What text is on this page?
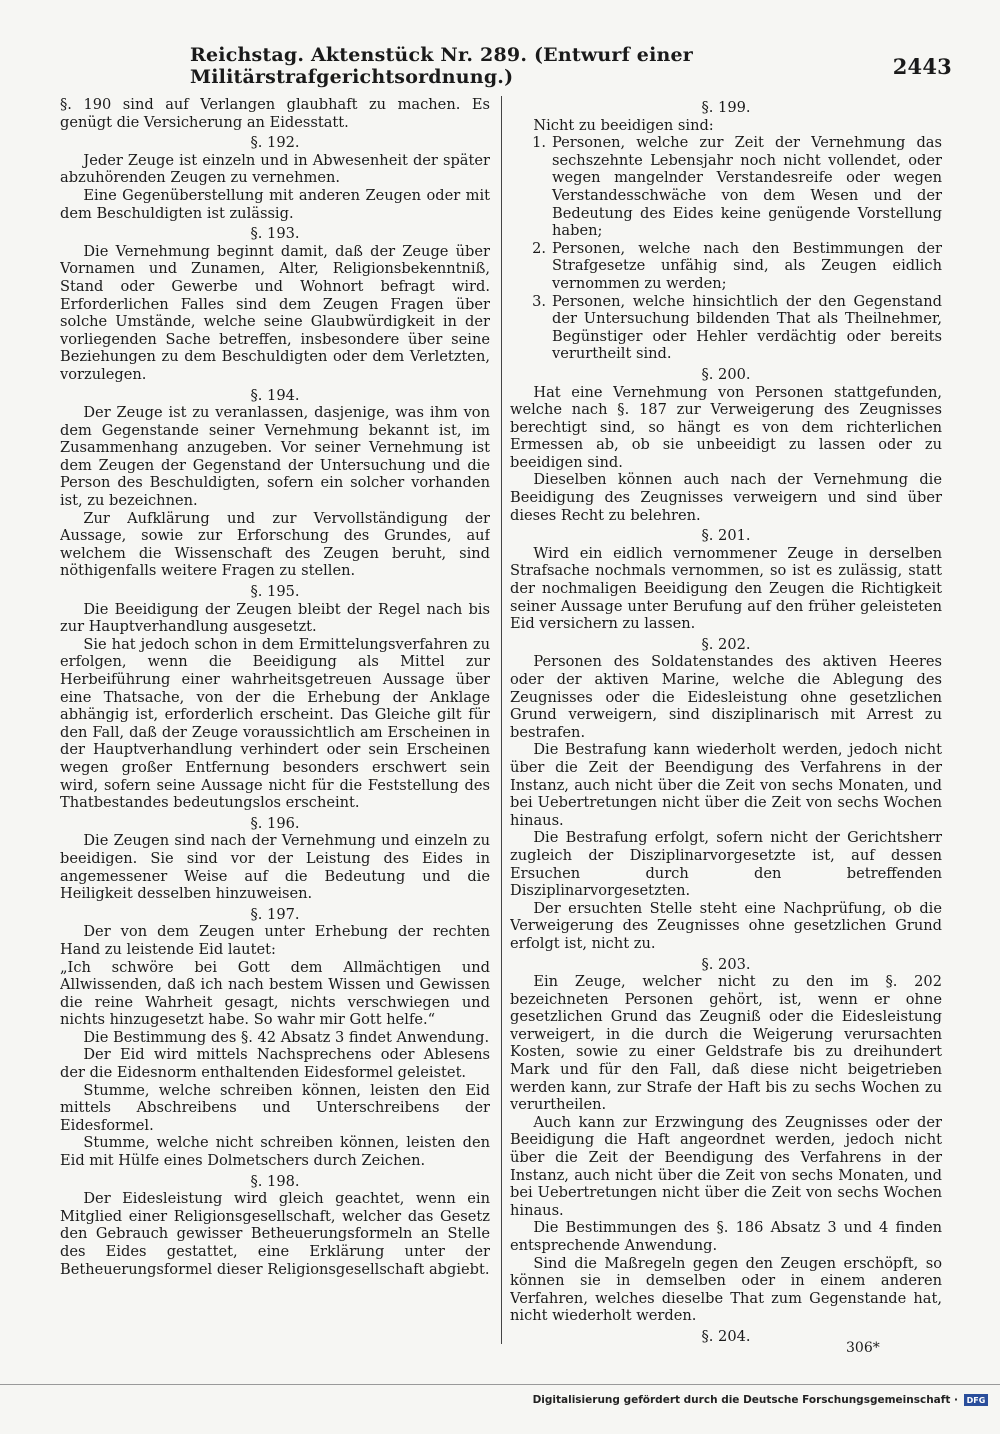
Reichstag. Aktenstück Nr. 289. (Entwurf einer Militärstrafgerichtsordnung.)	2443

§. 190 sind auf Verlangen glaubhaft zu machen. Es genügt die Versicherung an Eidesstatt.

§. 192.

Jeder Zeuge ist einzeln und in Abwesenheit der später abzuhörenden Zeugen zu vernehmen.

Eine Gegenüberstellung mit anderen Zeugen oder mit dem Beschuldigten ist zulässig.

§. 193.

Die Vernehmung beginnt damit, daß der Zeuge über Vornamen und Zunamen, Alter, Religionsbekenntniß, Stand oder Gewerbe und Wohnort befragt wird. Erforderlichen Falles sind dem Zeugen Fragen über solche Umstände, welche seine Glaubwürdigkeit in der vorliegenden Sache betreffen, insbesondere über seine Beziehungen zu dem Beschuldigten oder dem Verletzten, vorzulegen.

§. 194.

Der Zeuge ist zu veranlassen, dasjenige, was ihm von dem Gegenstande seiner Vernehmung bekannt ist, im Zusammenhang anzugeben. Vor seiner Vernehmung ist dem Zeugen der Gegenstand der Untersuchung und die Person des Beschuldigten, sofern ein solcher vorhanden ist, zu bezeichnen.

Zur Aufklärung und zur Vervollständigung der Aussage, sowie zur Erforschung des Grundes, auf welchem die Wissenschaft des Zeugen beruht, sind nöthigenfalls weitere Fragen zu stellen.

§. 195.

Die Beeidigung der Zeugen bleibt der Regel nach bis zur Hauptverhandlung ausgesetzt.

Sie hat jedoch schon in dem Ermittelungsverfahren zu erfolgen, wenn die Beeidigung als Mittel zur Herbeiführung einer wahrheitsgetreuen Aussage über eine Thatsache, von der die Erhebung der Anklage abhängig ist, erforderlich erscheint. Das Gleiche gilt für den Fall, daß der Zeuge voraussichtlich am Erscheinen in der Hauptverhandlung verhindert oder sein Erscheinen wegen großer Entfernung besonders erschwert sein wird, sofern seine Aussage nicht für die Feststellung des Thatbestandes bedeutungslos erscheint.

§. 196.

Die Zeugen sind nach der Vernehmung und einzeln zu beeidigen. Sie sind vor der Leistung des Eides in angemessener Weise auf die Bedeutung und die Heiligkeit desselben hinzuweisen.

§. 197.

Der von dem Zeugen unter Erhebung der rechten Hand zu leistende Eid lautet:

„Ich schwöre bei Gott dem Allmächtigen und Allwissenden, daß ich nach bestem Wissen und Gewissen die reine Wahrheit gesagt, nichts verschwiegen und nichts hinzugesetzt habe. So wahr mir Gott helfe.“

Die Bestimmung des §. 42 Absatz 3 findet Anwendung.

Der Eid wird mittels Nachsprechens oder Ablesens der die Eidesnorm enthaltenden Eidesformel geleistet.

Stumme, welche schreiben können, leisten den Eid mittels Abschreibens und Unterschreibens der Eidesformel.

Stumme, welche nicht schreiben können, leisten den Eid mit Hülfe eines Dolmetschers durch Zeichen.

§. 198.

Der Eidesleistung wird gleich geachtet, wenn ein Mitglied einer Religionsgesellschaft, welcher das Gesetz den Gebrauch gewisser Betheuerungsformeln an Stelle des Eides gestattet, eine Erklärung unter der Betheuerungsformel dieser Religionsgesellschaft abgiebt.

§. 199.

Nicht zu beeidigen sind:

1. Personen, welche zur Zeit der Vernehmung das sechszehnte Lebensjahr noch nicht vollendet, oder wegen mangelnder Verstandesreife oder wegen Verstandesschwäche von dem Wesen und der Bedeutung des Eides keine genügende Vorstellung haben;
2. Personen, welche nach den Bestimmungen der Strafgesetze unfähig sind, als Zeugen eidlich vernommen zu werden;
3. Personen, welche hinsichtlich der den Gegenstand der Untersuchung bildenden That als Theilnehmer, Begünstiger oder Hehler verdächtig oder bereits verurtheilt sind.
§. 200.

Hat eine Vernehmung von Personen stattgefunden, welche nach §. 187 zur Verweigerung des Zeugnisses berechtigt sind, so hängt es von dem richterlichen Ermessen ab, ob sie unbeeidigt zu lassen oder zu beeidigen sind.

Dieselben können auch nach der Vernehmung die Beeidigung des Zeugnisses verweigern und sind über dieses Recht zu belehren.

§. 201.

Wird ein eidlich vernommener Zeuge in derselben Strafsache nochmals vernommen, so ist es zulässig, statt der nochmaligen Beeidigung den Zeugen die Richtigkeit seiner Aussage unter Berufung auf den früher geleisteten Eid versichern zu lassen.

§. 202.

Personen des Soldatenstandes des aktiven Heeres oder der aktiven Marine, welche die Ablegung des Zeugnisses oder die Eidesleistung ohne gesetzlichen Grund verweigern, sind disziplinarisch mit Arrest zu bestrafen.

Die Bestrafung kann wiederholt werden, jedoch nicht über die Zeit der Beendigung des Verfahrens in der Instanz, auch nicht über die Zeit von sechs Monaten, und bei Uebertretungen nicht über die Zeit von sechs Wochen hinaus.

Die Bestrafung erfolgt, sofern nicht der Gerichtsherr zugleich der Disziplinarvorgesetzte ist, auf dessen Ersuchen durch den betreffenden Disziplinarvorgesetzten.

Der ersuchten Stelle steht eine Nachprüfung, ob die Verweigerung des Zeugnisses ohne gesetzlichen Grund erfolgt ist, nicht zu.

§. 203.

Ein Zeuge, welcher nicht zu den im §. 202 bezeichneten Personen gehört, ist, wenn er ohne gesetzlichen Grund das Zeugniß oder die Eidesleistung verweigert, in die durch die Weigerung verursachten Kosten, sowie zu einer Geldstrafe bis zu dreihundert Mark und für den Fall, daß diese nicht beigetrieben werden kann, zur Strafe der Haft bis zu sechs Wochen zu verurtheilen.

Auch kann zur Erzwingung des Zeugnisses oder der Beeidigung die Haft angeordnet werden, jedoch nicht über die Zeit der Beendigung des Verfahrens in der Instanz, auch nicht über die Zeit von sechs Monaten, und bei Uebertretungen nicht über die Zeit von sechs Wochen hinaus.

Die Bestimmungen des §. 186 Absatz 3 und 4 finden entsprechende Anwendung.

Sind die Maßregeln gegen den Zeugen erschöpft, so können sie in demselben oder in einem anderen Verfahren, welches dieselbe That zum Gegenstande hat, nicht wiederholt werden.

§. 204.

306*
Digitalisierung gefördert durch die Deutsche Forschungsgemeinschaft ·	DFG
